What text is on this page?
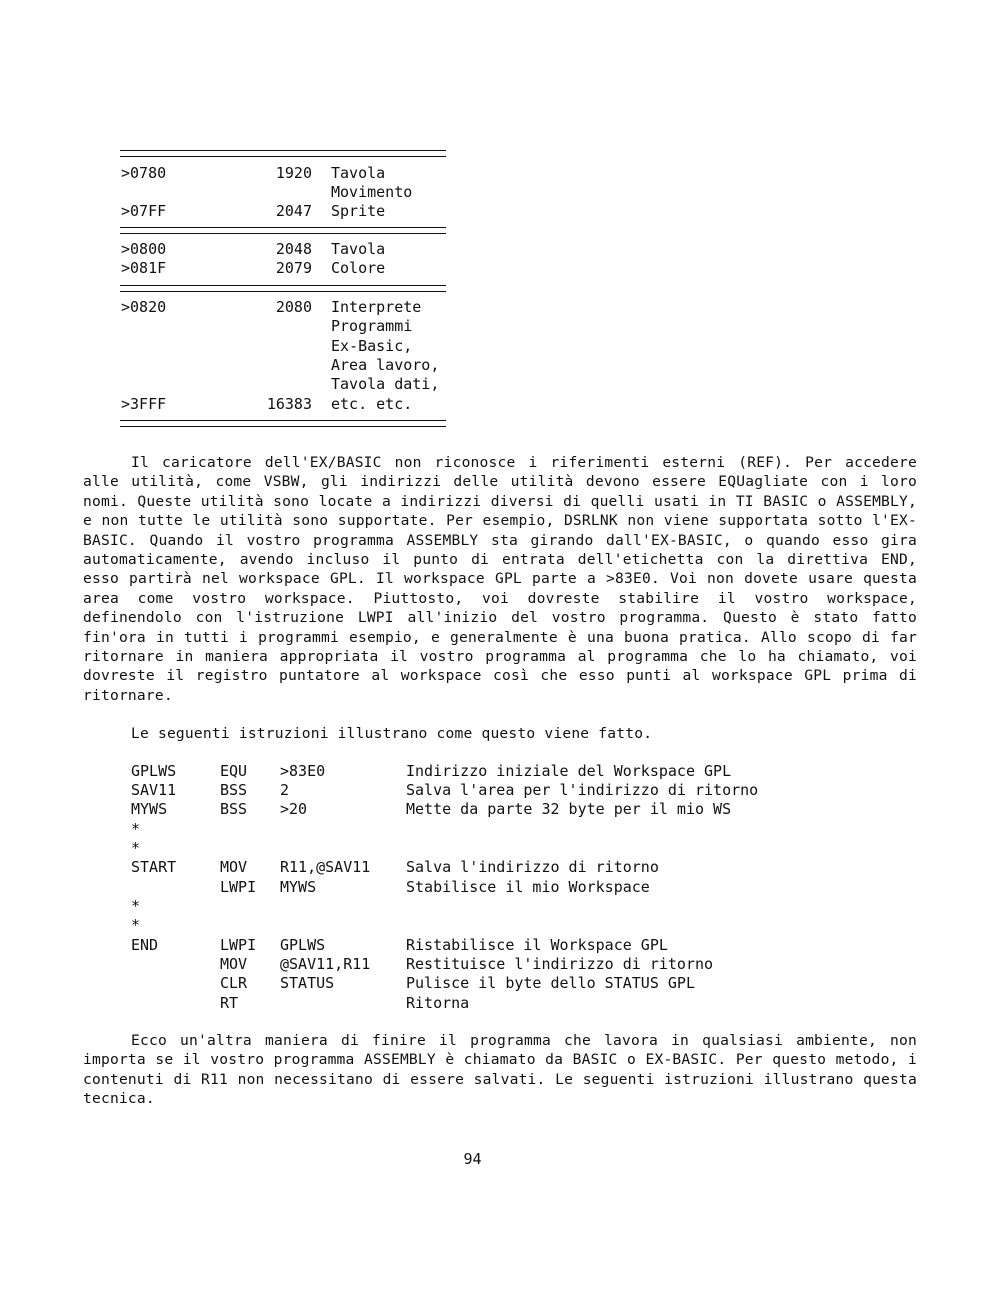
>0780	1920 Tavola
Movimento
>07FF	2047 Sprite
>0800	2048 Tavola
>081F	2079 Colore
>0820	2080 Interprete
Programmi
Ex-Basic,
Area lavoro,
Tavola dati,
>3FFF	16383 etc. etc.
Il caricatore dell'EX/BASIC non riconosce i riferimenti esterni (REF). Per accedere alle utilità, come VSBW, gli indirizzi delle utilità devono essere EQUagliate con i loro nomi. Queste utilità sono locate a indirizzi diversi di quelli usati in TI BASIC o ASSEMBLY, e non tutte le utilità sono supportate. Per esempio, DSRLNK non viene supportata sotto l'EX-BASIC. Quando il vostro programma ASSEMBLY sta girando dall'EX-BASIC, o quando esso gira automaticamente, avendo incluso il punto di entrata dell'etichetta con la direttiva END, esso partirà nel workspace GPL. Il workspace GPL parte a >83E0. Voi non dovete usare questa area come vostro workspace. Piuttosto, voi dovreste stabilire il vostro workspace, definendolo con l'istruzione LWPI all'inizio del vostro programma. Questo è stato fatto fin'ora in tutti i programmi esempio, e generalmente è una buona pratica. Allo scopo di far ritornare in maniera appropriata il vostro programma al programma che lo ha chiamato, voi dovreste il registro puntatore al workspace così che esso punti al workspace GPL prima di ritornare.
Le seguenti istruzioni illustrano come questo viene fatto.
GPLWS	EQU >83E0	Indirizzo iniziale del Workspace GPL
SAV11	BSS 2	Salva l'area per l'indirizzo di ritorno
MYWS	BSS >20	Mette da parte 32 byte per il mio WS
*
*
START	MOV R11,@SAV11 Salva l'indirizzo di ritorno
LWPI MYWS	Stabilisce il mio Workspace
*
*
END	LWPI GPLWS	Ristabilisce il Workspace GPL
MOV @SAV11,R11 Restituisce l'indirizzo di ritorno
CLR STATUS	Pulisce il byte dello STATUS GPL
RT	Ritorna
Ecco un'altra maniera di finire il programma che lavora in qualsiasi ambiente, non importa se il vostro programma ASSEMBLY è chiamato da BASIC o EX-BASIC. Per questo metodo, i contenuti di R11 non necessitano di essere salvati. Le seguenti istruzioni illustrano questa tecnica.
94
